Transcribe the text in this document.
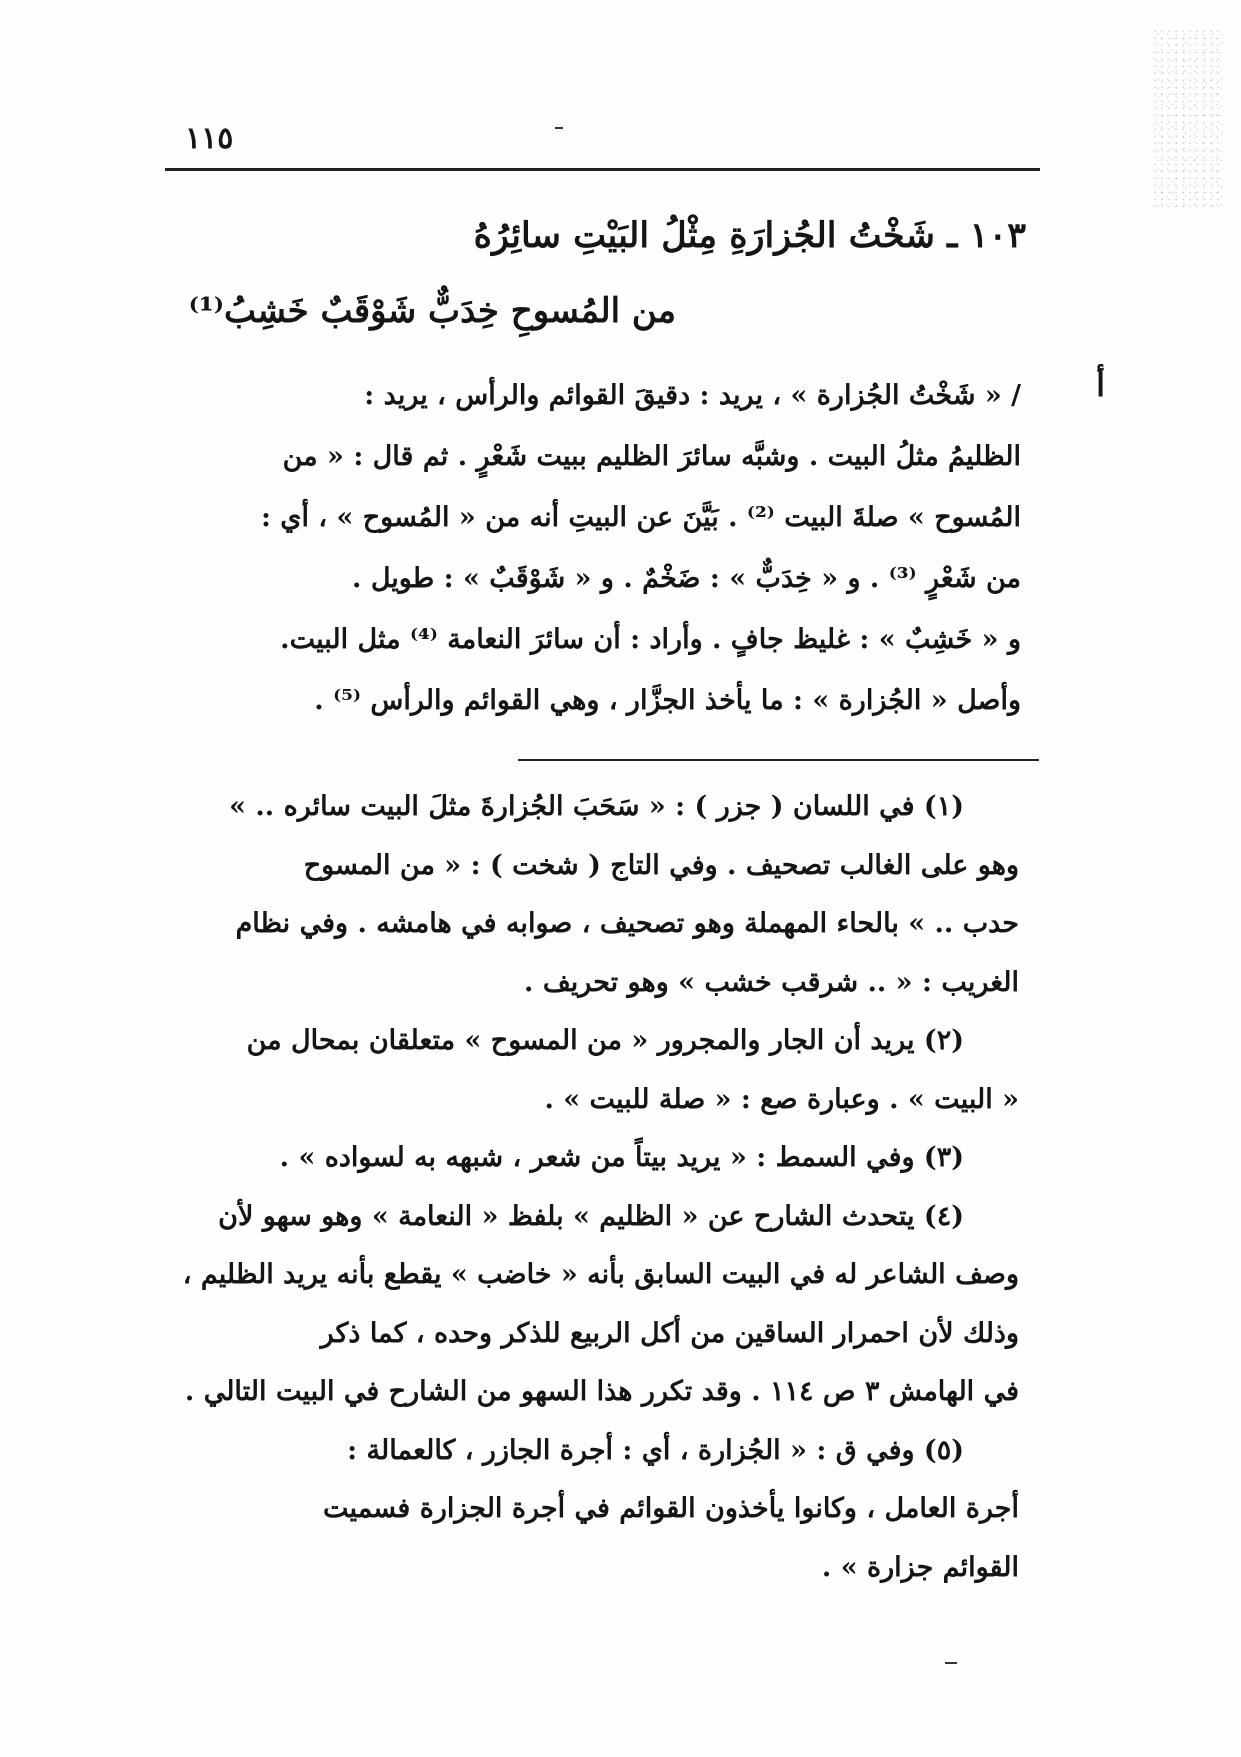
١١٥
١٠٣ ـ شَخْتُ الجُزارَةِ مِثْلُ البَيْتِ سائِرُهُ
من المُسوحِ خِدَبٌّ شَوْقَبٌ خَشِبُ⁽¹⁾
أ

/ « شَخْتُ الجُزارة » ، يريد : دقيقَ القوائم والرأس ، يريد :

الظليمُ مثلُ البيت . وشبَّه سائرَ الظليم ببيت شَعْرٍ . ثم قال : « من

المُسوح » صلةَ البيت ⁽²⁾ . بَيَّنَ عن البيتِ أنه من « المُسوح » ، أي :

من شَعْرٍ ⁽³⁾ . و « خِدَبٌّ » : ضَخْمٌ . و « شَوْقَبٌ » : طويل .

و « خَشِبٌ » : غليظ جافٍ . وأراد : أن سائرَ النعامة ⁽⁴⁾ مثل البيت.

وأصل « الجُزارة » : ما يأخذ الجزَّار ، وهي القوائم والرأس ⁽⁵⁾ .

(١) في اللسان ( جزر ) : « سَحَبَ الجُزارةَ مثلَ البيت سائره .. »

وهو على الغالب تصحيف . وفي التاج ( شخت ) : « من المسوح

حدب .. » بالحاء المهملة وهو تصحيف ، صوابه في هامشه . وفي نظام

الغريب : « .. شرقب خشب » وهو تحريف .

(٢) يريد أن الجار والمجرور « من المسوح » متعلقان بمحال من

« البيت » . وعبارة صع : « صلة للبيت » .

(٣) وفي السمط : « يريد بيتاً من شعر ، شبهه به لسواده » .

(٤) يتحدث الشارح عن « الظليم » بلفظ « النعامة » وهو سهو لأن

وصف الشاعر له في البيت السابق بأنه « خاضب » يقطع بأنه يريد الظليم ،

وذلك لأن احمرار الساقين من أكل الربيع للذكر وحده ، كما ذكر

في الهامش ٣ ص ١١٤ . وقد تكرر هذا السهو من الشارح في البيت التالي .

(٥) وفي ق : « الجُزارة ، أي : أجرة الجازر ، كالعمالة :

أجرة العامل ، وكانوا يأخذون القوائم في أجرة الجزارة فسميت

القوائم جزارة » .
